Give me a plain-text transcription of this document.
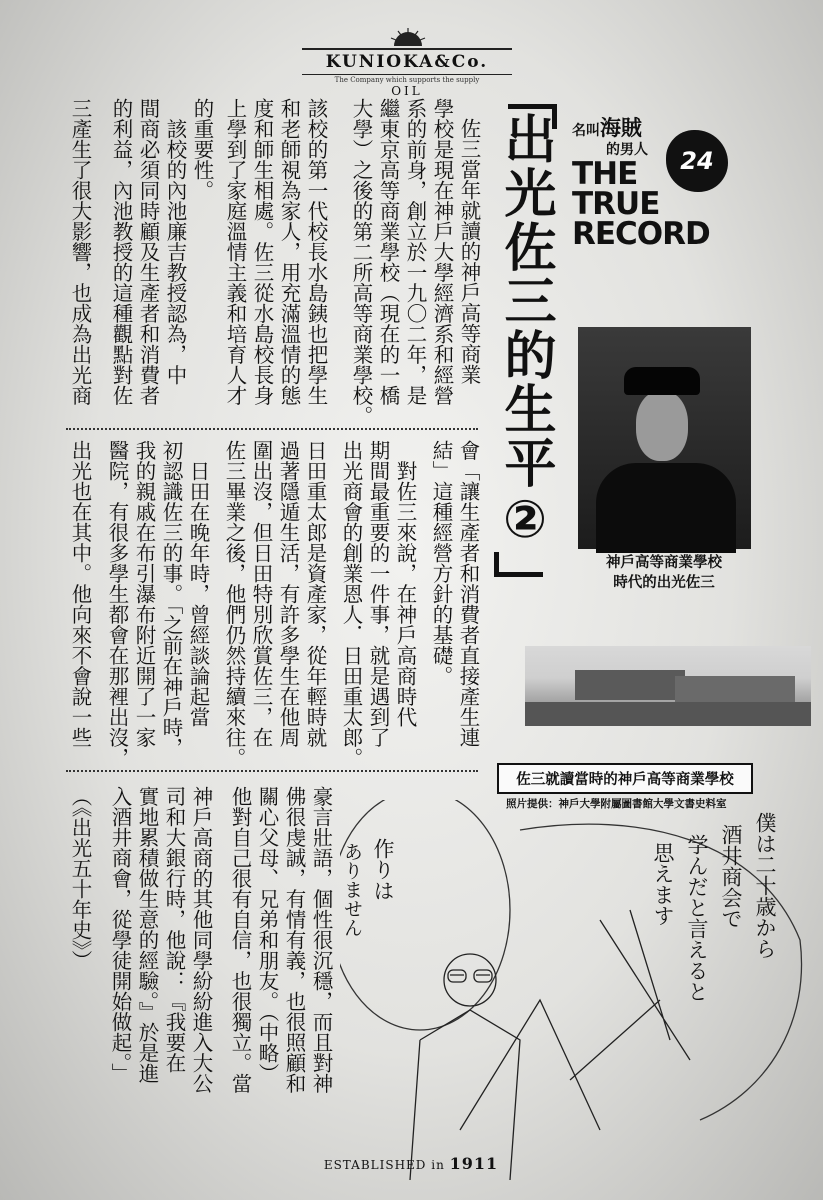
KUNIOKA&Co.
The Company which supports the supply
OIL
名叫海賊
的男人
THE
TRUE
RECORD
24
出光佐三的生平②
佐三當年就讀的神戶高等商業
學校是現在神戶大學經濟系和經營
系的前身，創立於一九〇二年，是
繼東京高等商業學校（現在的一橋
大學）之後的第二所高等商業學校。
該校的第一代校長水島銕也把學生
和老師視為家人，用充滿溫情的態
度和師生相處。佐三從水島校長身
上學到了家庭溫情主義和培育人才
的重要性。
　該校的內池廉吉教授認為，中
間商必須同時顧及生產者和消費者
的利益，內池教授的這種觀點對佐
三產生了很大影響，也成為出光商
會「讓生產者和消費者直接產生連
結」這種經營方針的基礎。
　對佐三來說，在神戶高商時代
期間最重要的一件事，就是遇到了
出光商會的創業恩人．日田重太郎。
日田重太郎是資產家，從年輕時就
過著隱遁生活，有許多學生在他周
圍出沒，但日田特別欣賞佐三，在
佐三畢業之後，他們仍然持續來往。
　日田在晚年時，曾經談論起當
初認識佐三的事。「之前在神戶時，
我的親戚在布引瀑布附近開了一家
醫院，有很多學生都會在那裡出沒，
出光也在其中。他向來不會說一些
豪言壯語，個性很沉穩，而且對神
佛很虔誠，有情有義，也很照顧和
關心父母、兄弟和朋友。（中略）
他對自己很有自信，也很獨立。當
神戶高商的其他同學紛紛進入大公
司和大銀行時，他說：『我要在
實地累積做生意的經驗。』於是進
入酒井商會，從學徒開始做起。」
（《出光五十年史》）
神戶高等商業學校
時代的出光佐三
佐三就讀當時的神戶高等商業學校
照片提供：神戶大學附屬圖書館大學文書史料室
僕は二十歳から
酒井商会で
学んだと言えると
思えます
作りは
ありません
ESTABLISHED in 1911
